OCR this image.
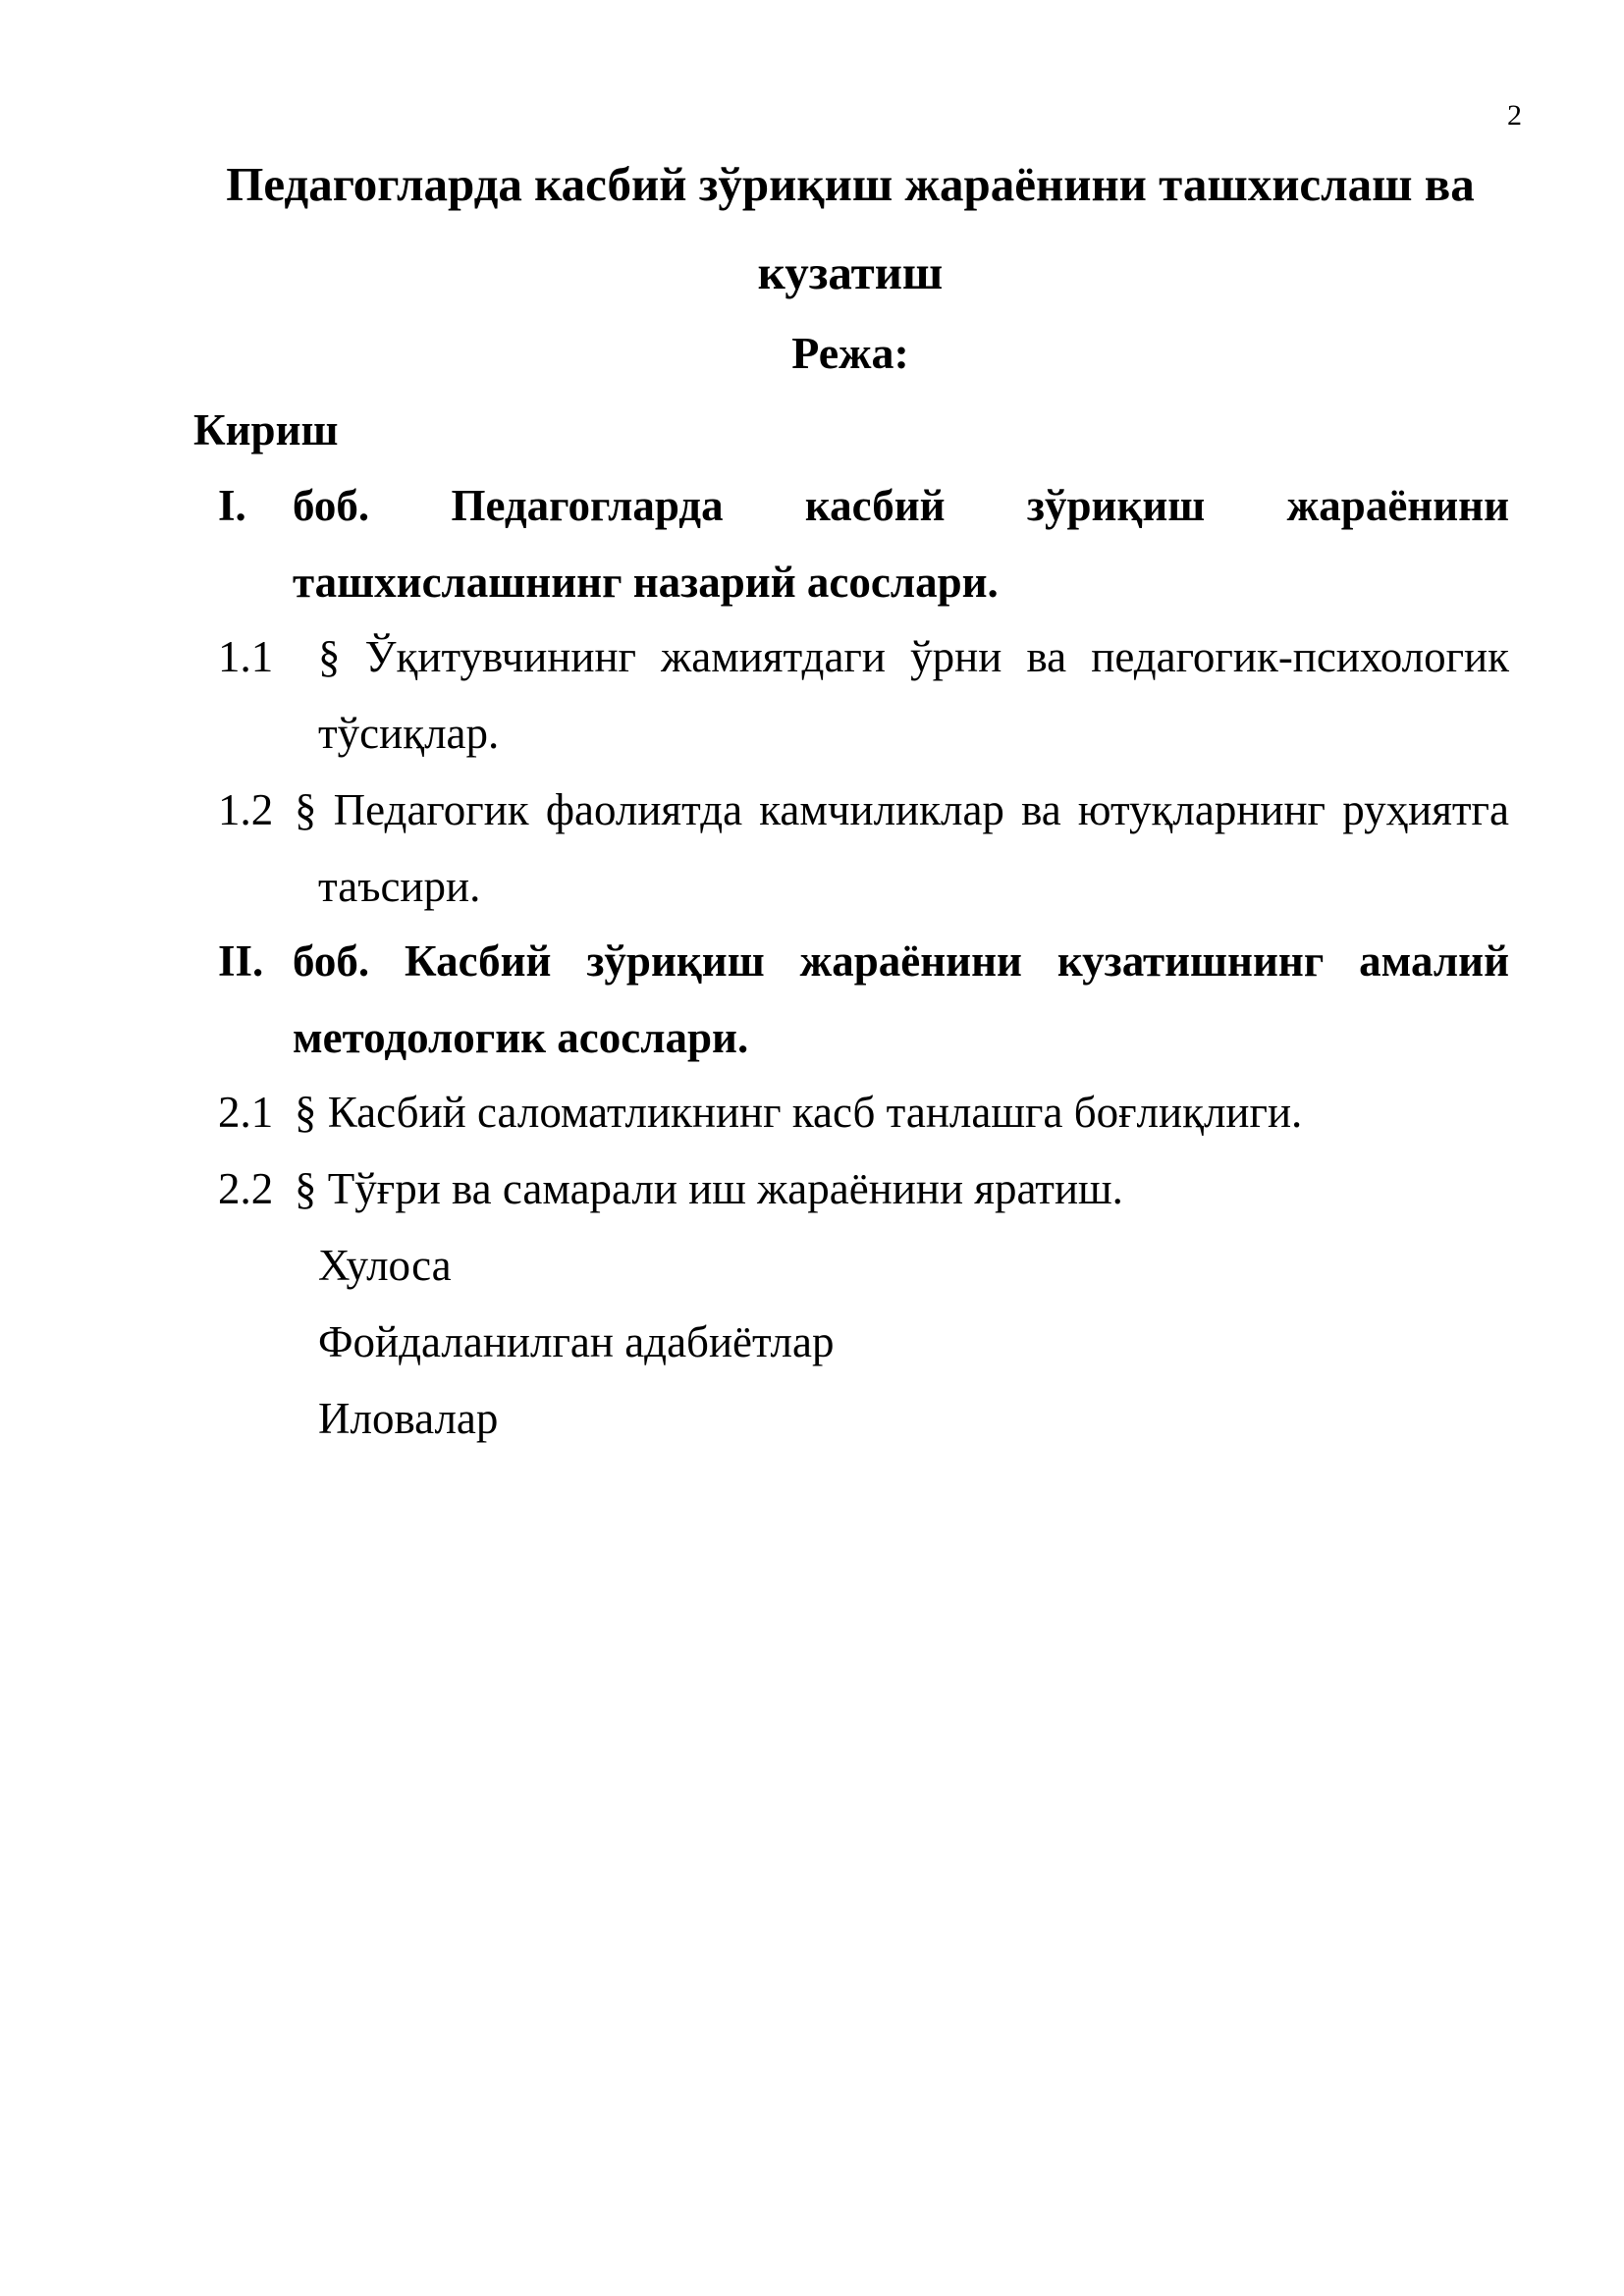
2
Педагогларда касбий зўриқиш жараёнини ташхислаш ва
кузатиш
Режа:
Кириш
I. боб. Педагогларда касбий зўриқиш жараёнини
ташхислашнинг назарий асослари.
1.1 § Ўқитувчининг жамиятдаги ўрни ва педагогик-психологик
тўсиқлар.
1.2 § Педагогик фаолиятда камчиликлар ва ютуқларнинг руҳиятга
таъсири.
II. боб. Касбий зўриқиш жараёнини кузатишнинг амалий
методологик асослари.
2.1 § Касбий саломатликнинг касб танлашга боғлиқлиги.
2.2 § Тўғри ва самарали иш жараёнини яратиш.
Хулоса
Фойдаланилган адабиётлар
Иловалар
